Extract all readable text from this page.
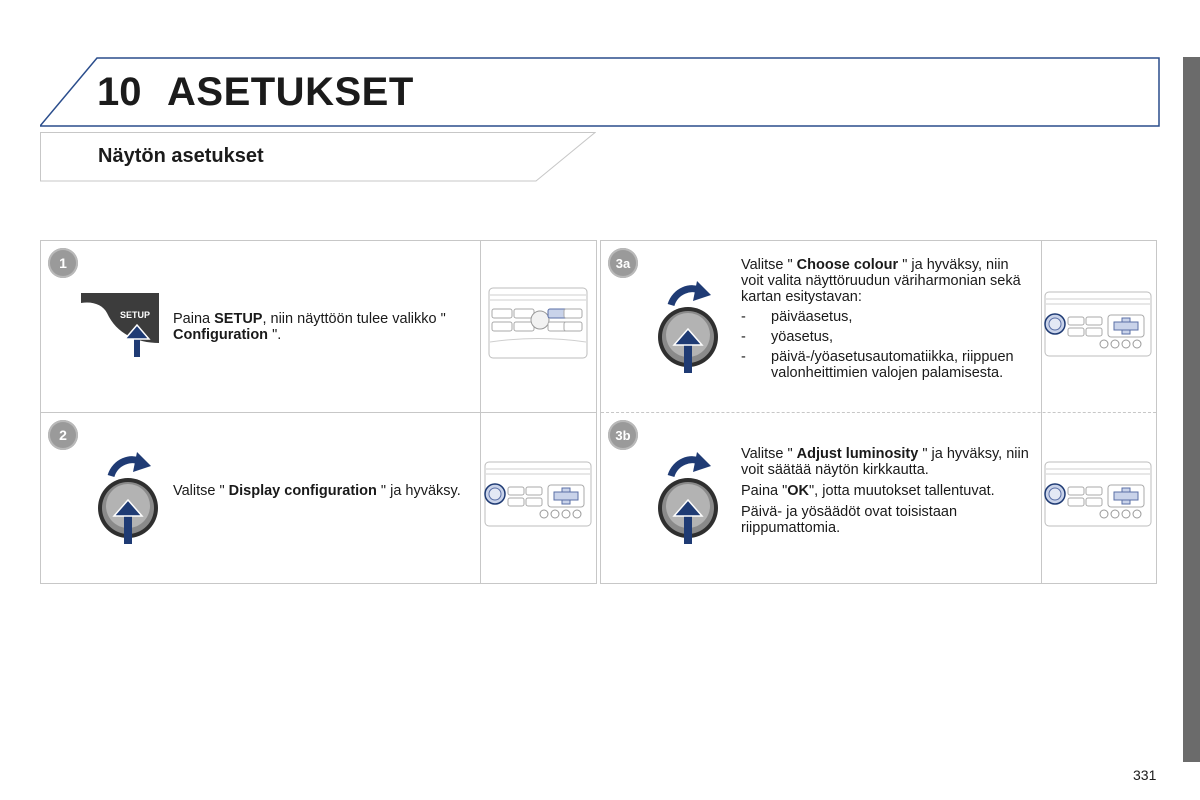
10 ASETUKSET
Näytön asetukset
1
SETUP Paina SETUP, niin näyttöön tulee valikko " Configuration ".
2
Valitse " Display configuration " ja hyväksy.
3a	Valitse " Choose colour " ja hyväksy, niin voit valita näyttöruudun väriharmonian sekä kartan esitystavan:

-	päiväasetus,
-	yöasetus,
-	päivä-/yöasetusautomatiikka, riippuen valonheittimien valojen palamisesta.
3b

Valitse " Adjust luminosity " ja hyväksy, niin voit säätää näytön kirkkautta.

Paina "OK", jotta muutokset tallentuvat.

Päivä- ja yösäädöt ovat toisistaan riippumattomia.

331
